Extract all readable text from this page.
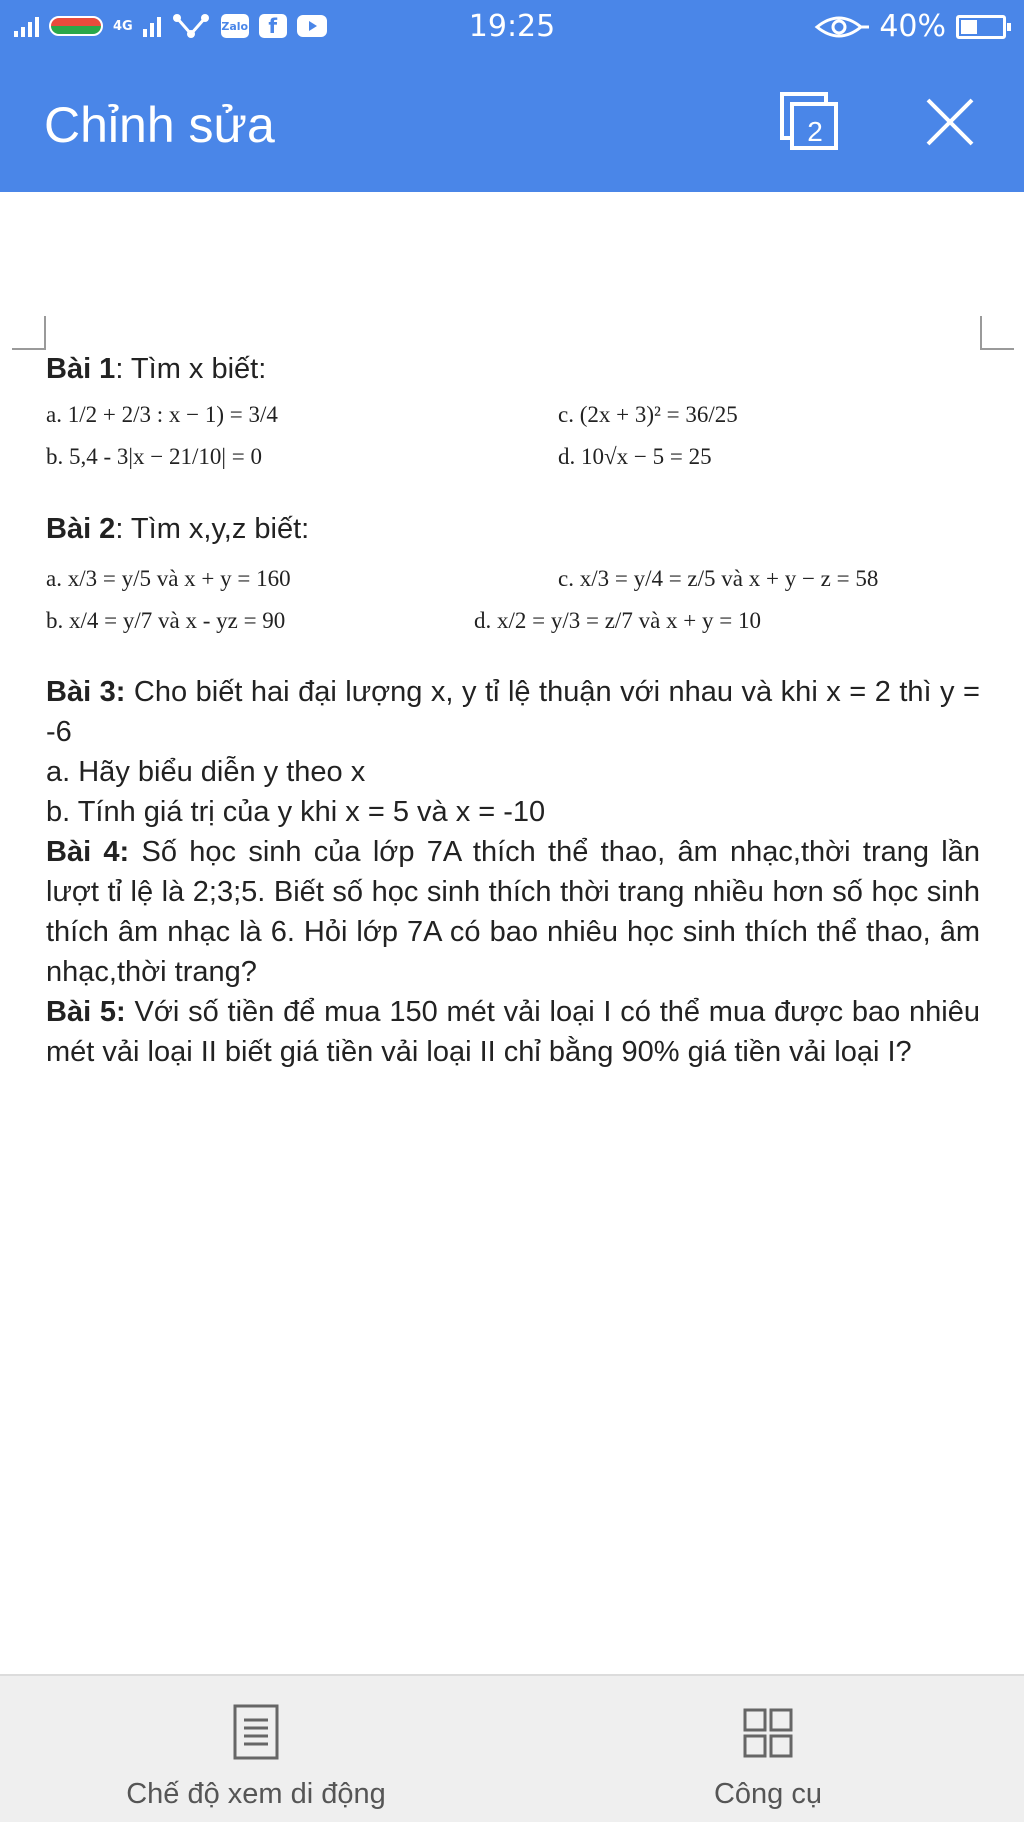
4G	Zalo	f	19:25	40%
Chỉnh sửa	2

Bài 1: Tìm x biết:

a. 1/2 + 2/3 : x − 1) = 3/4	c. (2x + 3)² = 36/25
b. 5,4 - 3|x − 21/10| = 0	d. 10√x − 5 = 25

Bài 2: Tìm x,y,z biết:

a. x/3 = y/5 và x + y = 160	c. x/3 = y/4 = z/5 và x + y − z = 58
b. x/4 = y/7 và x - yz = 90	d. x/2 = y/3 = z/7 và x + y = 10

Bài 3: Cho biết hai đại lượng x, y tỉ lệ thuận với nhau và khi x = 2 thì y = -6

a. Hãy biểu diễn y theo x

b. Tính giá trị của y khi x = 5 và x = -10

Bài 4: Số học sinh của lớp 7A thích thể thao, âm nhạc,thời trang lần lượt tỉ lệ là 2;3;5. Biết số học sinh thích thời trang nhiều hơn số học sinh thích âm nhạc là 6. Hỏi lớp 7A có bao nhiêu học sinh thích thể thao, âm nhạc,thời trang?

Bài 5: Với số tiền để mua 150 mét vải loại I có thể mua được bao nhiêu mét vải loại II biết giá tiền vải loại II chỉ bằng 90% giá tiền vải loại I?

Chế độ xem di động	Công cụ
